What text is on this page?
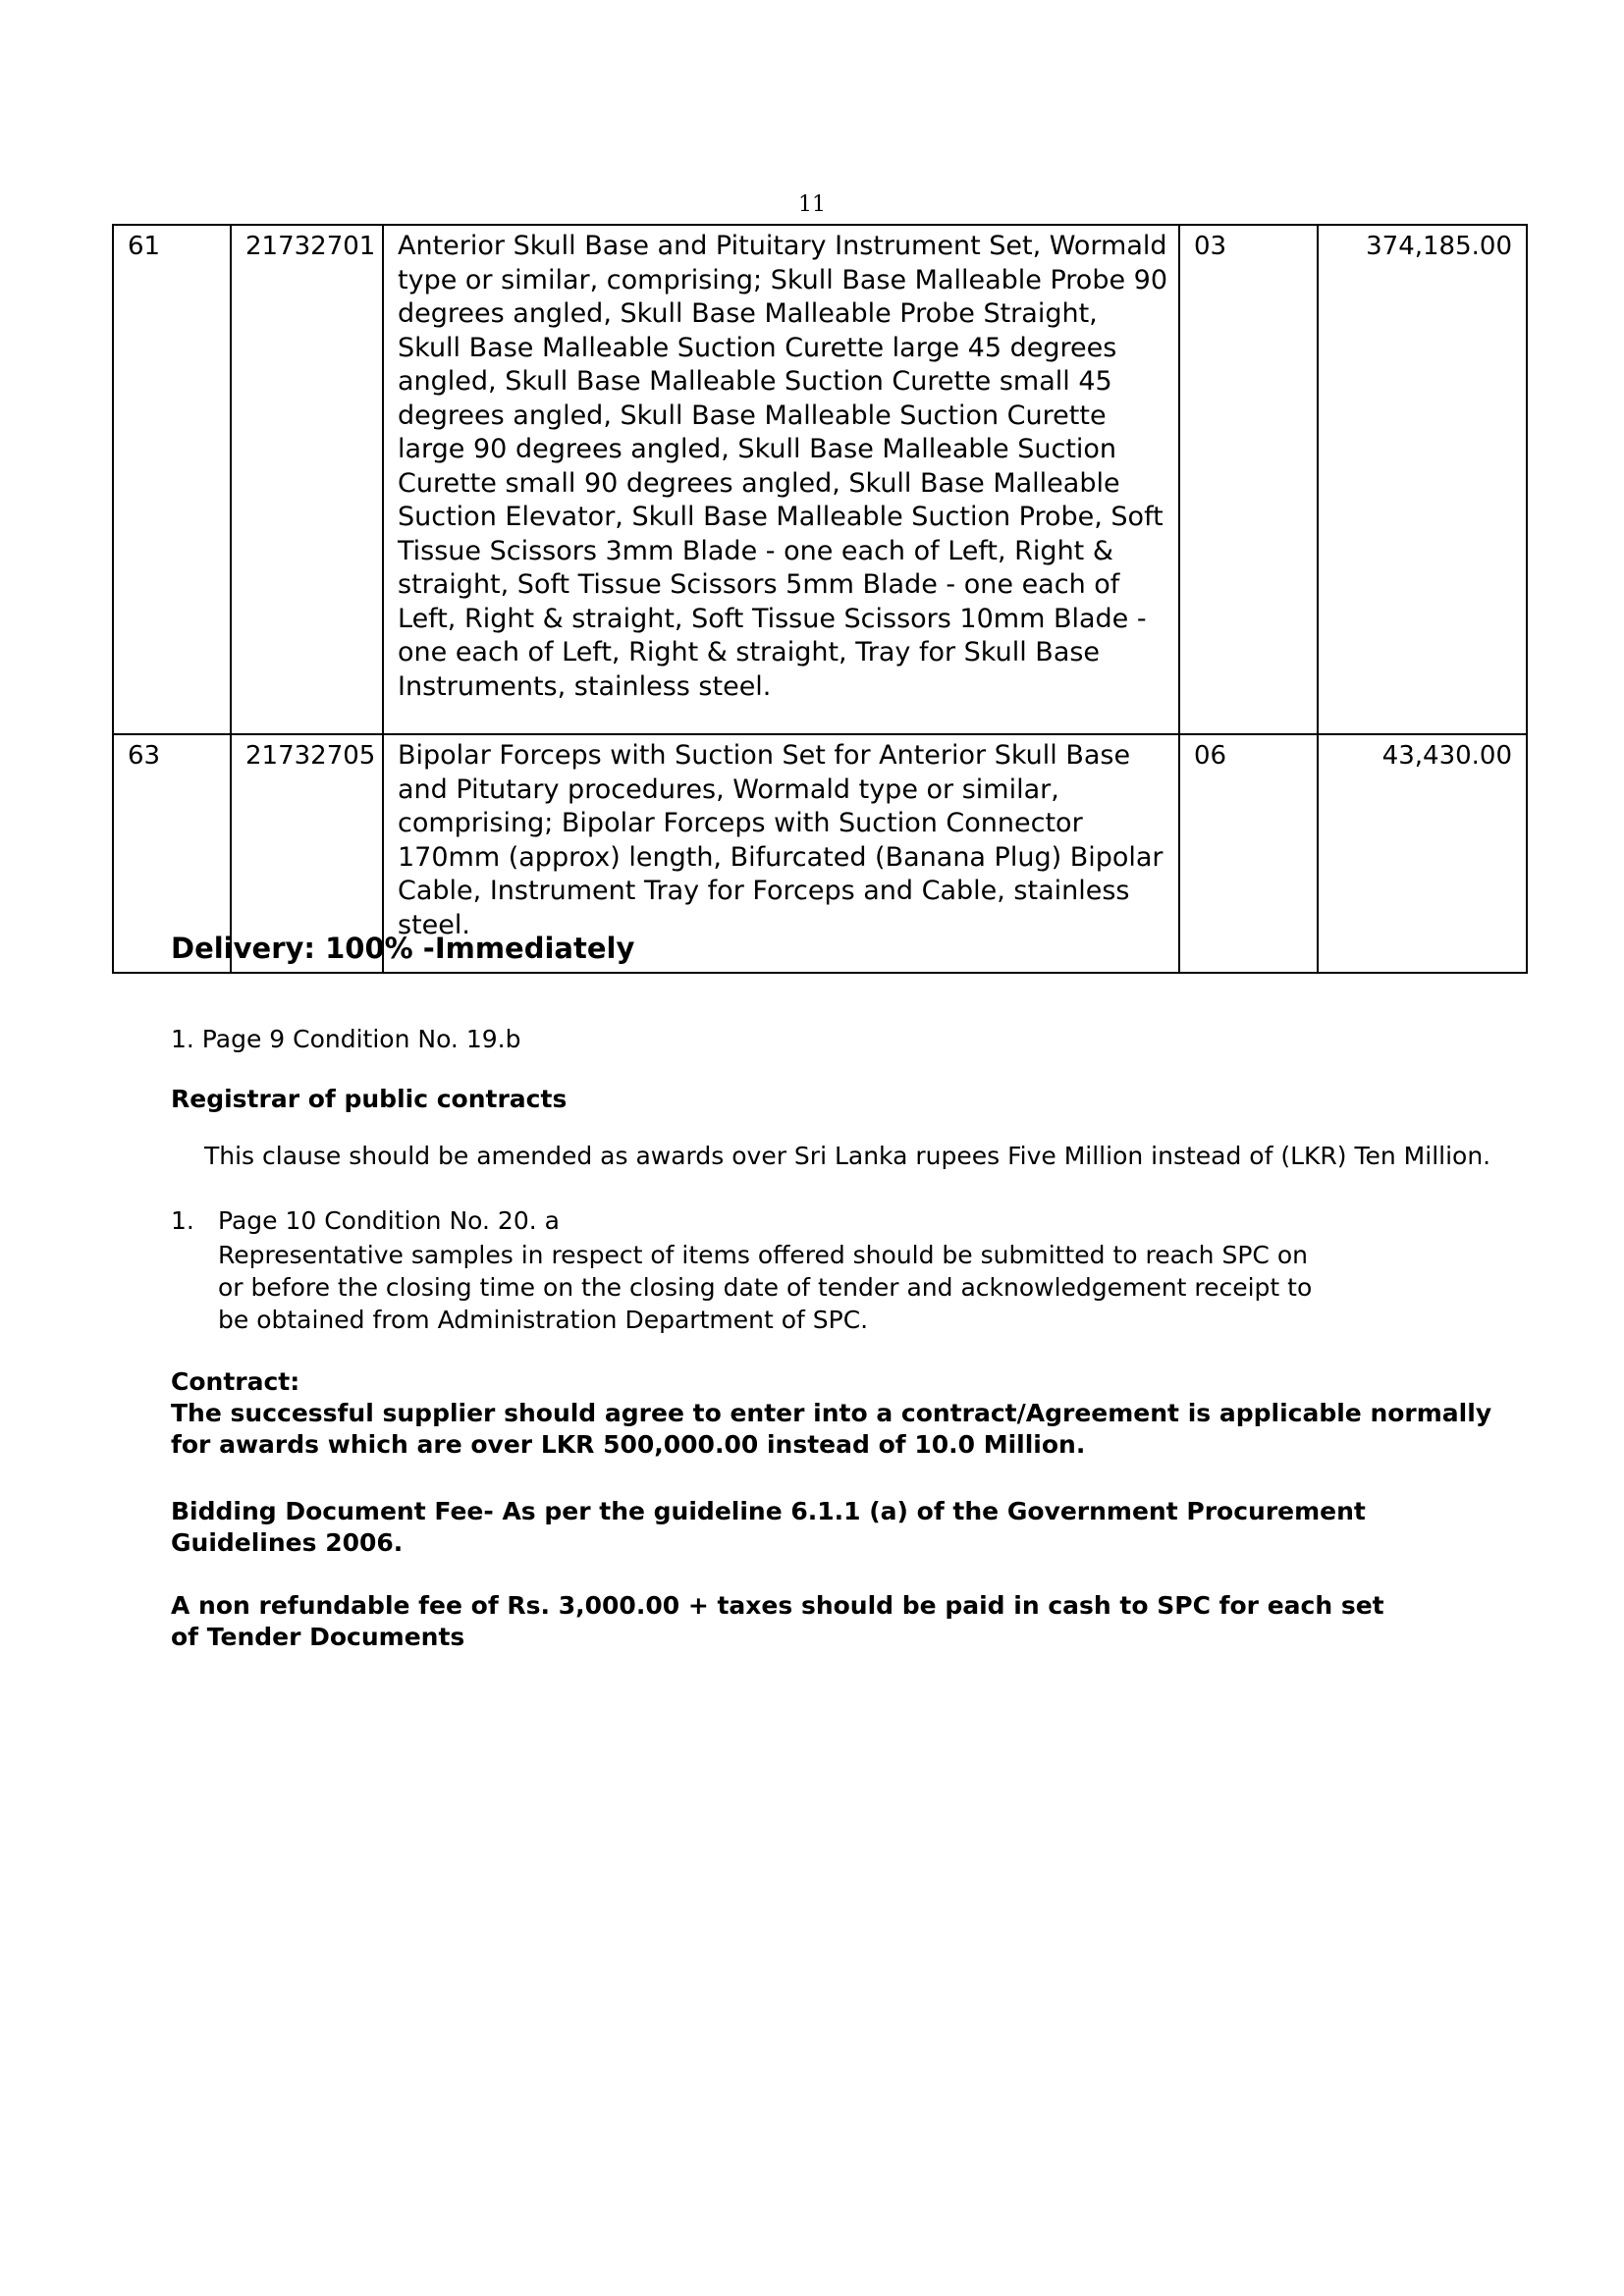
11
61	21732701	Anterior Skull Base and Pituitary Instrument Set, Wormald type or similar, comprising; Skull Base Malleable Probe 90 degrees angled, Skull Base Malleable Probe Straight, Skull Base Malleable Suction Curette large 45 degrees angled, Skull Base Malleable Suction Curette small 45 degrees angled, Skull Base Malleable Suction Curette large 90 degrees angled, Skull Base Malleable Suction Curette small 90 degrees angled, Skull Base Malleable Suction Elevator, Skull Base Malleable Suction Probe, Soft Tissue Scissors 3mm Blade - one each of Left, Right & straight, Soft Tissue Scissors 5mm Blade - one each of Left, Right & straight, Soft Tissue Scissors 10mm Blade - one each of Left, Right & straight, Tray for Skull Base Instruments, stainless steel.	03	374,185.00

63	21732705	Bipolar Forceps with Suction Set for Anterior Skull Base and Pitutary procedures, Wormald type or similar, comprising; Bipolar Forceps with Suction Connector 170mm (approx) length, Bifurcated (Banana Plug) Bipolar Cable, Instrument Tray for Forceps and Cable, stainless steel.	06	43,430.00
Delivery: 100% -Immediately
1. Page 9 Condition No. 19.b
Registrar of public contracts
This clause should be amended as awards over Sri Lanka rupees Five Million instead of (LKR) Ten Million.
1. Page 10 Condition No. 20. a
Representative samples in respect of items offered should be submitted to reach SPC on or before the closing time on the closing date of tender and acknowledgement receipt to be obtained from Administration Department of SPC.
Contract:
The successful supplier should agree to enter into a contract/Agreement is applicable normally for awards which are over LKR 500,000.00 instead of 10.0 Million.
Bidding Document Fee- As per the guideline 6.1.1 (a) of the Government Procurement Guidelines 2006.
A non refundable fee of Rs. 3,000.00 + taxes should be paid in cash to SPC for each set of Tender Documents
